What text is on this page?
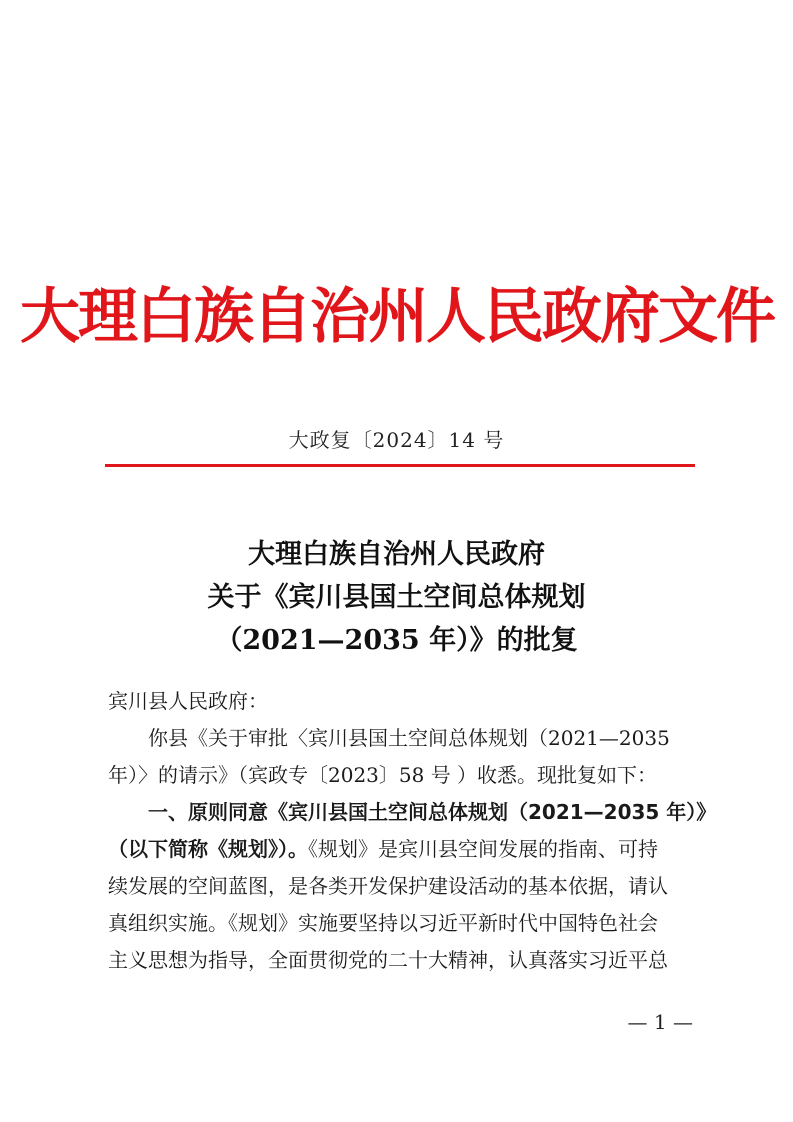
大理白族自治州人民政府文件
大政复〔2024〕14 号
大理白族自治州人民政府
关于《宾川县国土空间总体规划
（2021—2035 年）》的批复
宾川县人民政府：
你县《关于审批〈宾川县国土空间总体规划（2021—2035
年）〉的请示》（宾政专〔2023〕58 号 ）收悉。现批复如下：
一、原则同意《宾川县国土空间总体规划（2021—2035 年）》
（以下简称《规划》）。《规划》是宾川县空间发展的指南、可持
续发展的空间蓝图，是各类开发保护建设活动的基本依据，请认
真组织实施。《规划》实施要坚持以习近平新时代中国特色社会
主义思想为指导，全面贯彻党的二十大精神，认真落实习近平总
— 1 —
